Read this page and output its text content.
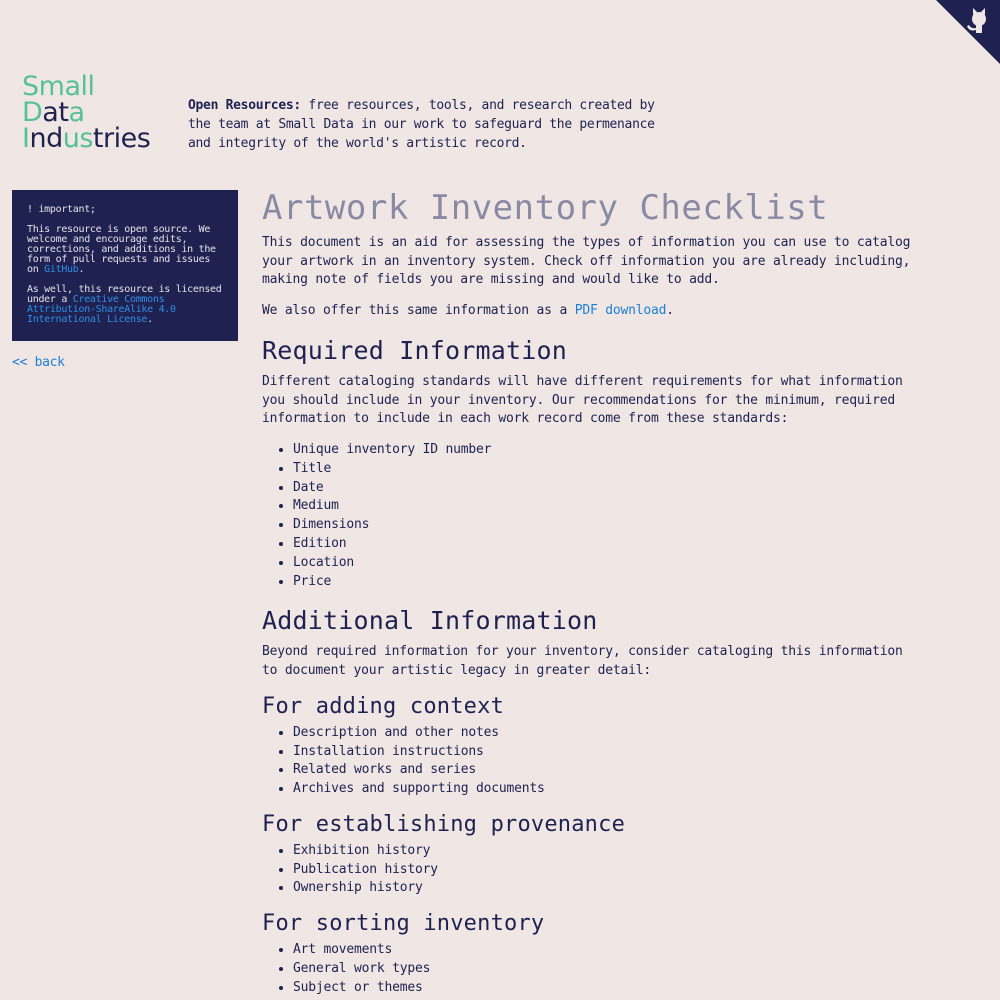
Small
Data
Industries
Open Resources: free resources, tools, and research created by the team at Small Data in our work to safeguard the permenance and integrity of the world's artistic record.

! important;

This resource is open source. We welcome and encourage edits, corrections, and additions in the form of pull requests and issues on GitHub.

As well, this resource is licensed under a Creative Commons Attribution-ShareAlike 4.0 International License.

<< back
Artwork Inventory Checklist

This document is an aid for assessing the types of information you can use to catalog your artwork in an inventory system. Check off information you are already including, making note of fields you are missing and would like to add.

We also offer this same information as a PDF download.

Required Information

Different cataloging standards will have different requirements for what information you should include in your inventory. Our recommendations for the minimum, required information to include in each work record come from these standards:

• Unique inventory ID number
• Title
• Date
• Medium
• Dimensions
• Edition
• Location
• Price
Additional Information

Beyond required information for your inventory, consider cataloging this information to document your artistic legacy in greater detail:

For adding context
• Description and other notes
• Installation instructions
• Related works and series
• Archives and supporting documents
For establishing provenance
• Exhibition history
• Publication history
• Ownership history
For sorting inventory
• Art movements
• General work types
• Subject or themes
